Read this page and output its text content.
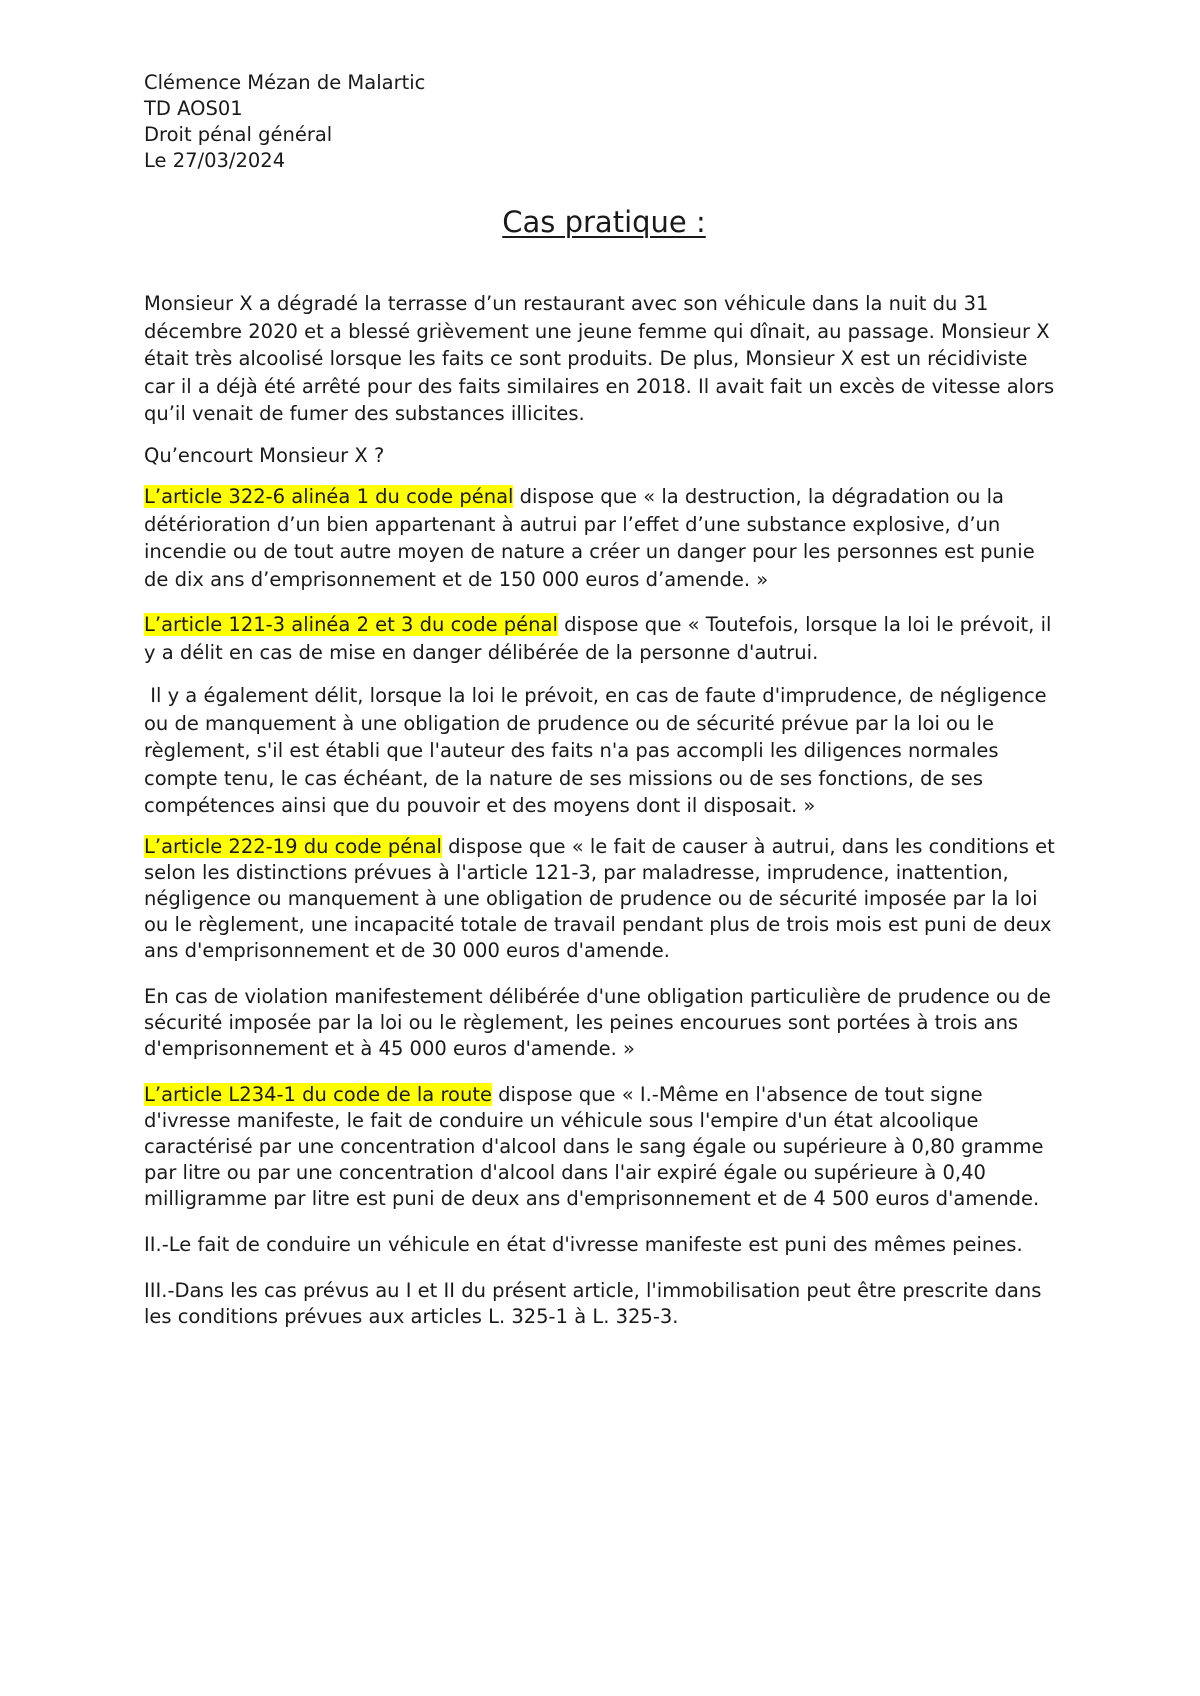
Clémence Mézan de Malartic

TD AOS01

Droit pénal général

Le 27/03/2024

Cas pratique :

Monsieur X a dégradé la terrasse d’un restaurant avec son véhicule dans la nuit du 31 décembre 2020 et a blessé grièvement une jeune femme qui dînait, au passage. Monsieur X était très alcoolisé lorsque les faits ce sont produits. De plus, Monsieur X est un récidiviste car il a déjà été arrêté pour des faits similaires en 2018. Il avait fait un excès de vitesse alors qu’il venait de fumer des substances illicites.

Qu’encourt Monsieur X ?

L’article 322-6 alinéa 1 du code pénal dispose que « la destruction, la dégradation ou la détérioration d’un bien appartenant à autrui par l’effet d’une substance explosive, d’un incendie ou de tout autre moyen de nature a créer un danger pour les personnes est punie de dix ans d’emprisonnement et de 150 000 euros d’amende. »

L’article 121-3 alinéa 2 et 3 du code pénal dispose que « Toutefois, lorsque la loi le prévoit, il y a délit en cas de mise en danger délibérée de la personne d'autrui.

Il y a également délit, lorsque la loi le prévoit, en cas de faute d'imprudence, de négligence ou de manquement à une obligation de prudence ou de sécurité prévue par la loi ou le règlement, s'il est établi que l'auteur des faits n'a pas accompli les diligences normales compte tenu, le cas échéant, de la nature de ses missions ou de ses fonctions, de ses compétences ainsi que du pouvoir et des moyens dont il disposait. »

L’article 222-19 du code pénal dispose que « le fait de causer à autrui, dans les conditions et selon les distinctions prévues à l'article 121-3, par maladresse, imprudence, inattention, négligence ou manquement à une obligation de prudence ou de sécurité imposée par la loi ou le règlement, une incapacité totale de travail pendant plus de trois mois est puni de deux ans d'emprisonnement et de 30 000 euros d'amende.

En cas de violation manifestement délibérée d'une obligation particulière de prudence ou de sécurité imposée par la loi ou le règlement, les peines encourues sont portées à trois ans d'emprisonnement et à 45 000 euros d'amende. »

L’article L234-1 du code de la route dispose que « I.-Même en l'absence de tout signe d'ivresse manifeste, le fait de conduire un véhicule sous l'empire d'un état alcoolique caractérisé par une concentration d'alcool dans le sang égale ou supérieure à 0,80 gramme par litre ou par une concentration d'alcool dans l'air expiré égale ou supérieure à 0,40 milligramme par litre est puni de deux ans d'emprisonnement et de 4 500 euros d'amende.

II.-Le fait de conduire un véhicule en état d'ivresse manifeste est puni des mêmes peines.

III.-Dans les cas prévus au I et II du présent article, l'immobilisation peut être prescrite dans les conditions prévues aux articles L. 325-1 à L. 325-3.
